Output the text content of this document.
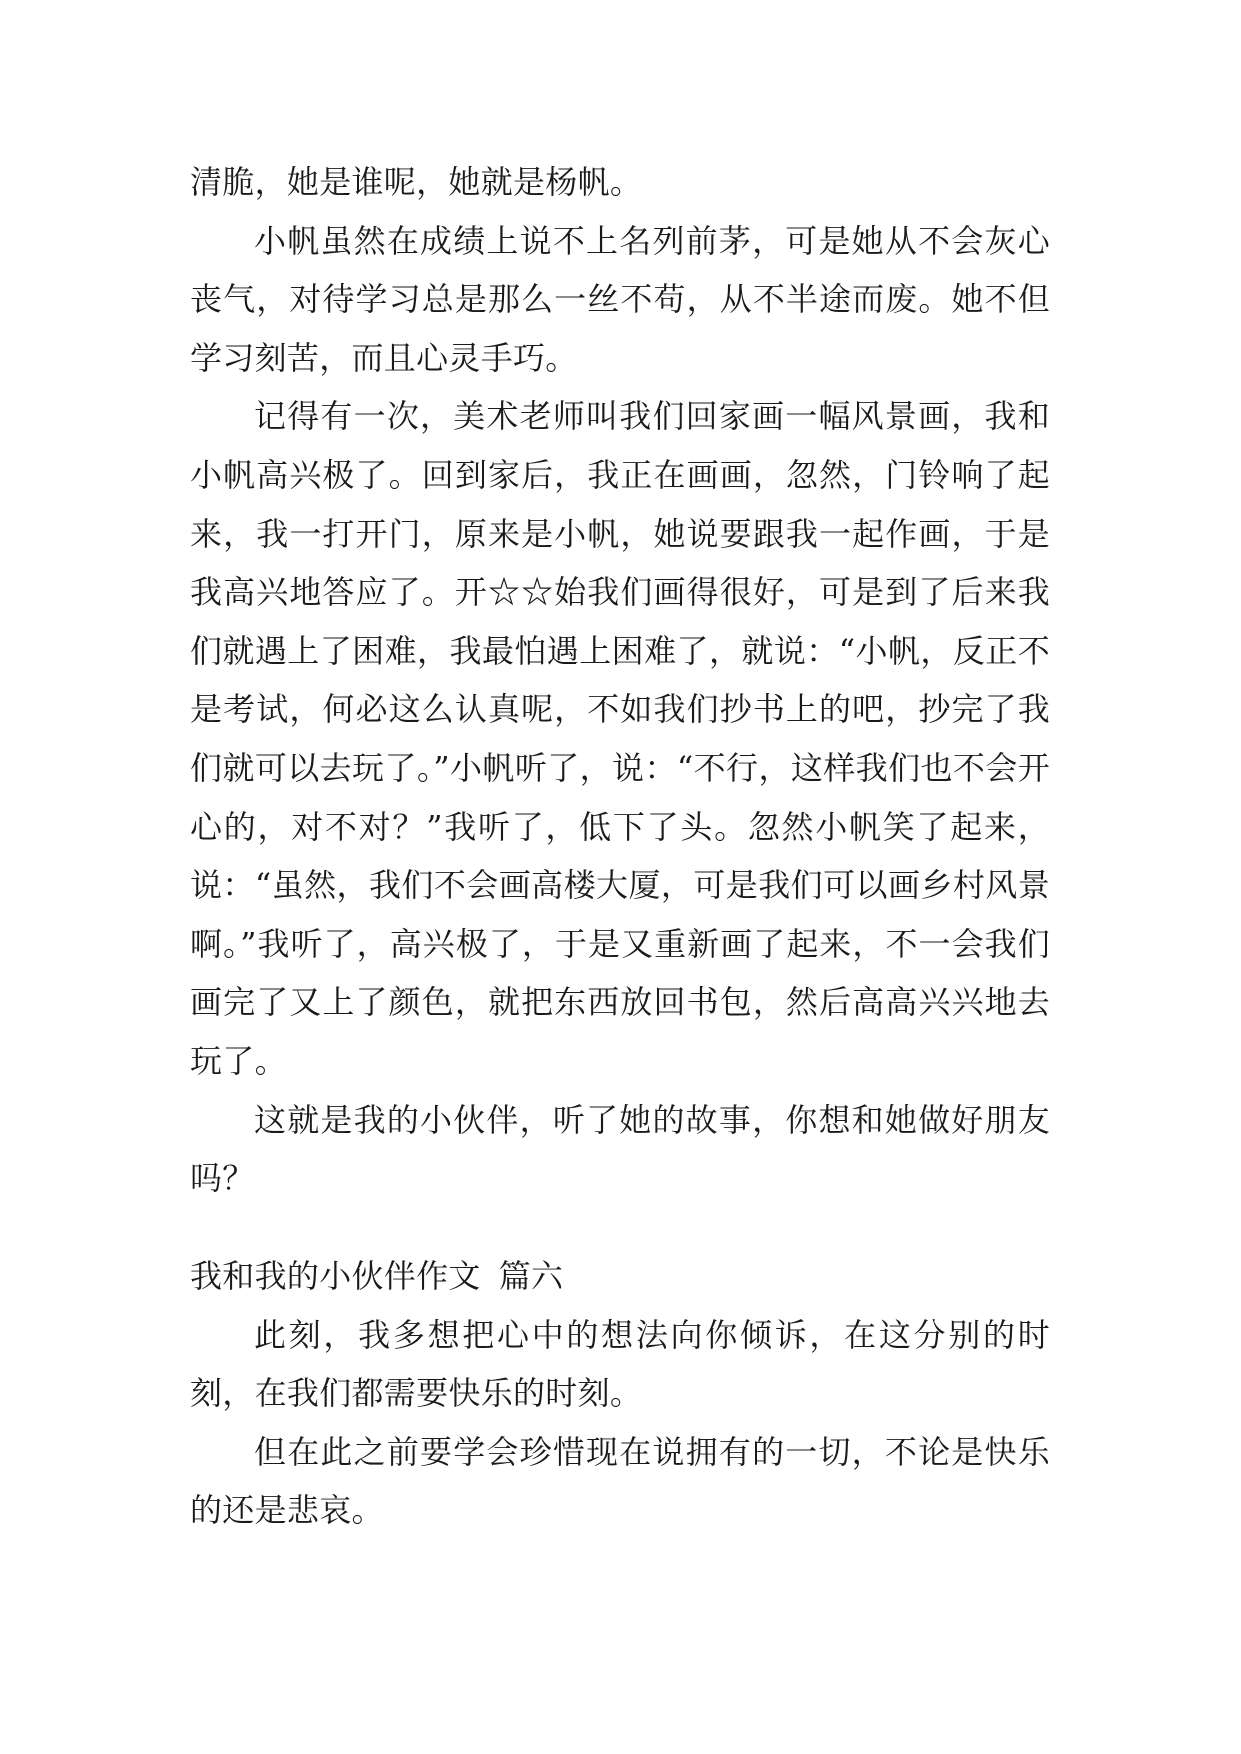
清脆，她是谁呢，她就是杨帆。

小帆虽然在成绩上说不上名列前茅，可是她从不会灰心丧气，对待学习总是那么一丝不苟，从不半途而废。她不但学习刻苦，而且心灵手巧。

记得有一次，美术老师叫我们回家画一幅风景画，我和小帆高兴极了。回到家后，我正在画画，忽然，门铃响了起来，我一打开门，原来是小帆，她说要跟我一起作画，于是我高兴地答应了。开☆☆始我们画得很好，可是到了后来我们就遇上了困难，我最怕遇上困难了，就说：“小帆，反正不是考试，何必这么认真呢，不如我们抄书上的吧，抄完了我们就可以去玩了。”小帆听了，说：“不行，这样我们也不会开心的，对不对？”我听了，低下了头。忽然小帆笑了起来，说：“虽然，我们不会画高楼大厦，可是我们可以画乡村风景啊。”我听了，高兴极了，于是又重新画了起来，不一会我们画完了又上了颜色，就把东西放回书包，然后高高兴兴地去玩了。

这就是我的小伙伴，听了她的故事，你想和她做好朋友吗？

我和我的小伙伴作文 篇六

此刻，我多想把心中的想法向你倾诉，在这分别的时刻，在我们都需要快乐的时刻。

但在此之前要学会珍惜现在说拥有的一切，不论是快乐的还是悲哀。
